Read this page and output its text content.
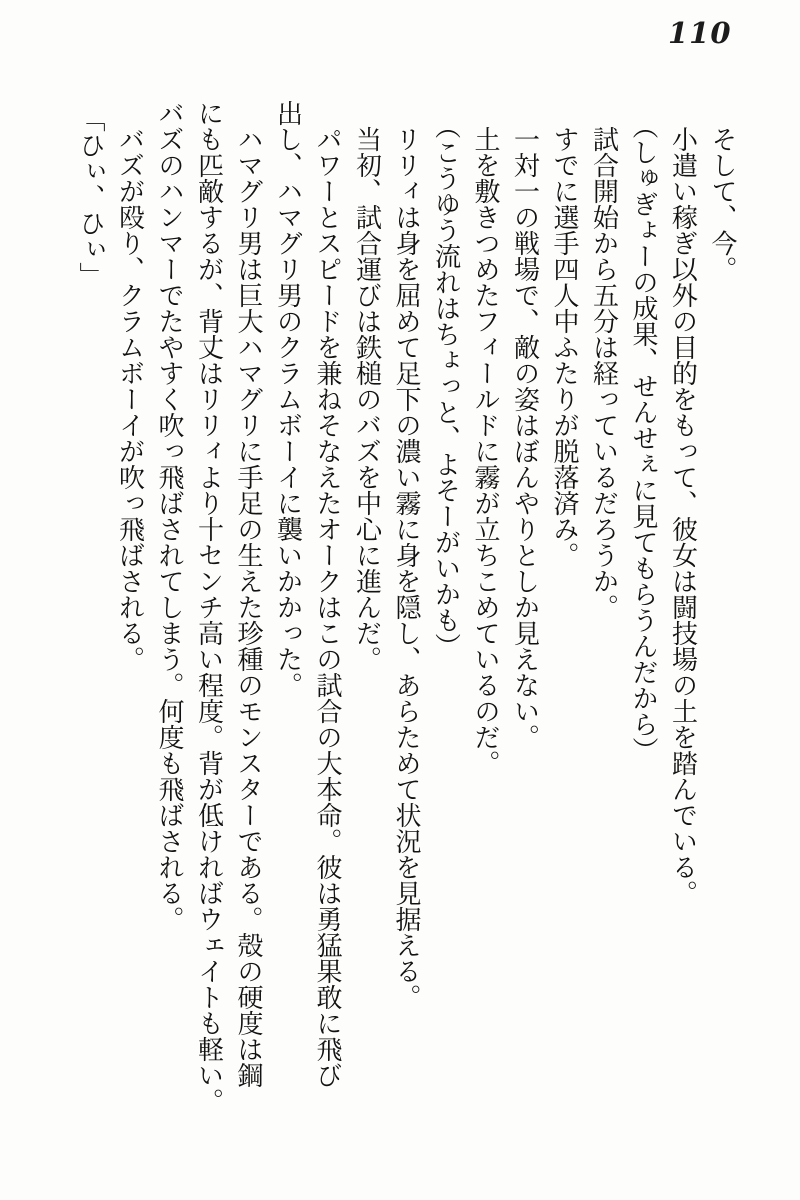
110
そして、今。
小遣い稼ぎ以外の目的をもって、彼女は闘技場の土を踏んでいる。
（しゅぎょーの成果、せんせぇに見てもらうんだから）
試合開始から五分は経っているだろうか。
すでに選手四人中ふたりが脱落済み。
一対一の戦場で、敵の姿はぼんやりとしか見えない。
土を敷きつめたフィールドに霧が立ちこめているのだ。
（こうゆう流れはちょっと、よそーがいかも）
リリィは身を屈めて足下の濃い霧に身を隠し、あらためて状況を見据える。
当初、試合運びは鉄槌のバズを中心に進んだ。
パワーとスピードを兼ねそなえたオークはこの試合の大本命。彼は勇猛果敢に飛び
出し、ハマグリ男のクラムボーイに襲いかかった。
ハマグリ男は巨大ハマグリに手足の生えた珍種のモンスターである。殻の硬度は鋼
にも匹敵するが、背丈はリリィより十センチ高い程度。背が低ければウェイトも軽い。
バズのハンマーでたやすく吹っ飛ばされてしまう。何度も飛ばされる。
バズが殴り、クラムボーイが吹っ飛ばされる。
「ひぃ、ひぃ」
